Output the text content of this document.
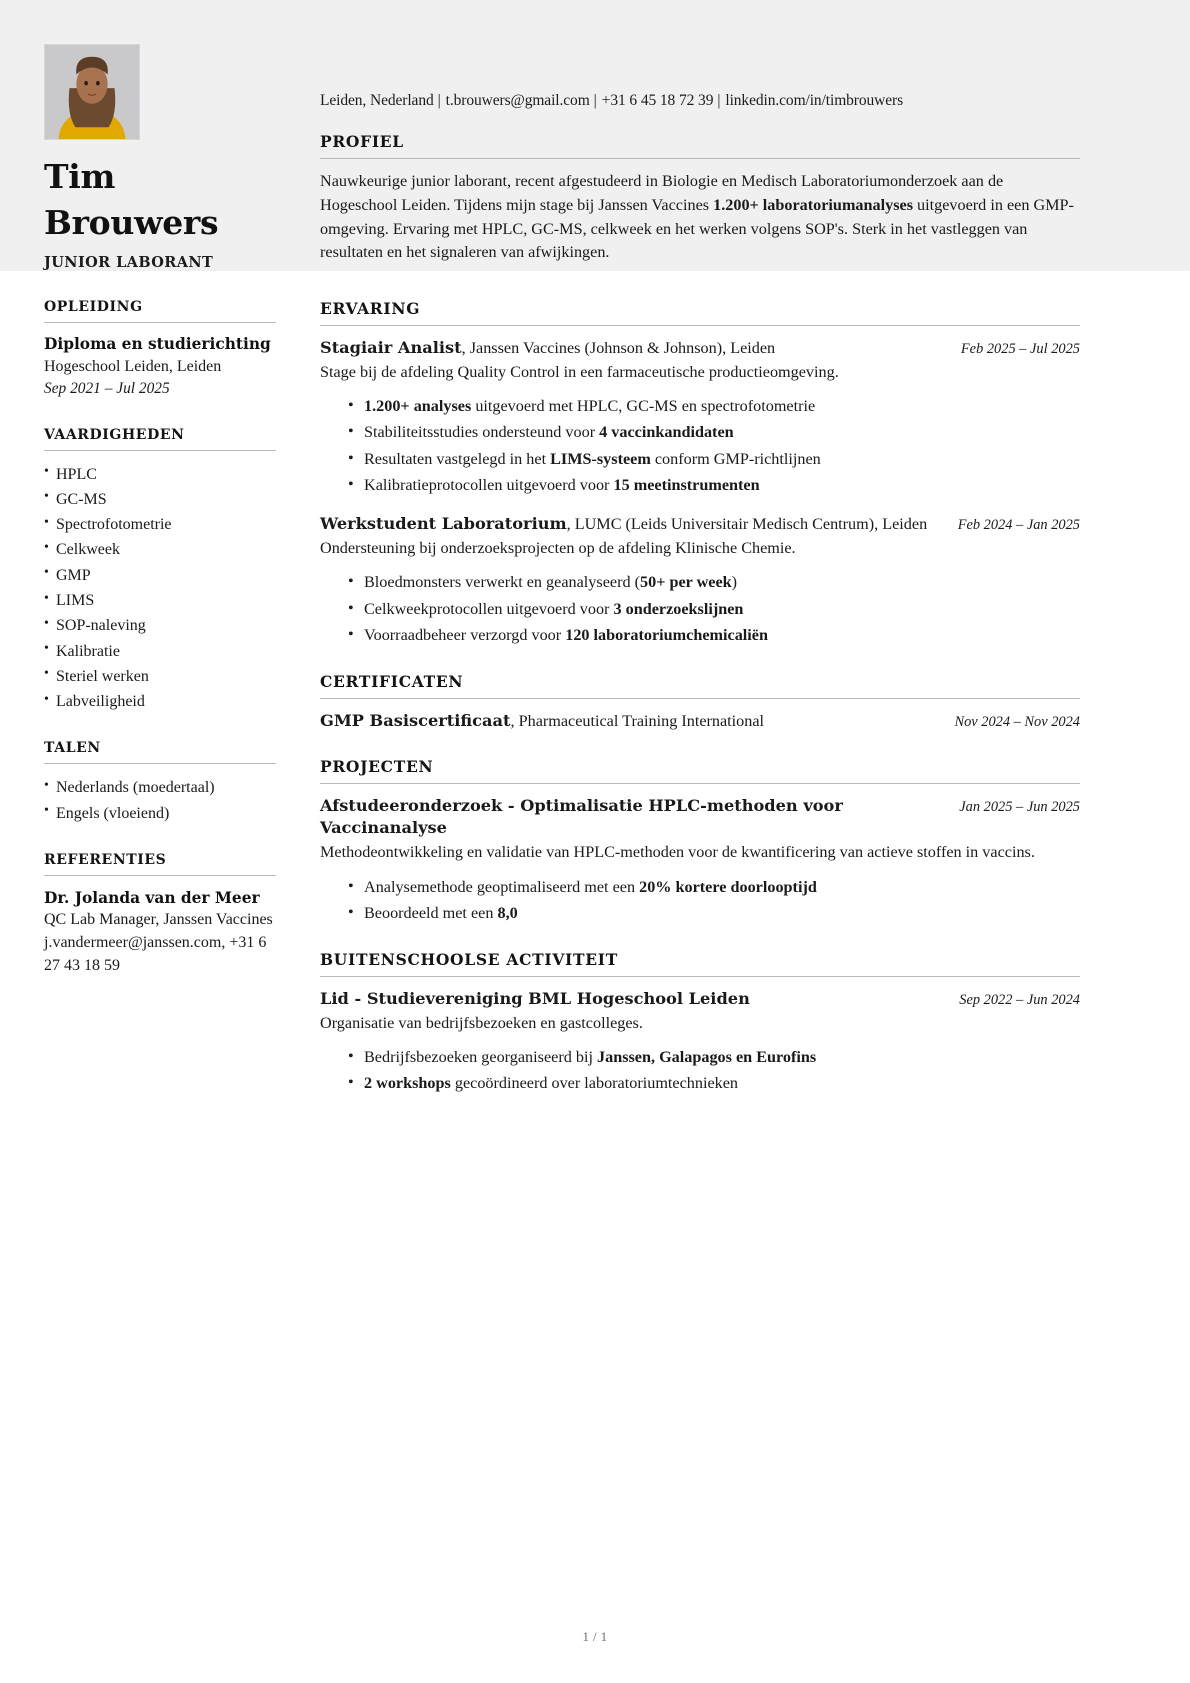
Tim
Brouwers
JUNIOR LABORANT
Leiden, Nederland | t.brouwers@gmail.com | +31 6 45 18 72 39 | linkedin.com/in/timbrouwers
PROFIEL
Nauwkeurige junior laborant, recent afgestudeerd in Biologie en Medisch Laboratoriumonderzoek aan de Hogeschool Leiden. Tijdens mijn stage bij Janssen Vaccines 1.200+ laboratoriumanalyses uitgevoerd in een GMP-omgeving. Ervaring met HPLC, GC-MS, celkweek en het werken volgens SOP's. Sterk in het vastleggen van resultaten en het signaleren van afwijkingen.
OPLEIDING
Diploma en studierichting
Hogeschool Leiden, Leiden
Sep 2021 – Jul 2025
VAARDIGHEDEN
• HPLC
• GC-MS
• Spectrofotometrie
• Celkweek
• GMP
• LIMS
• SOP-naleving
• Kalibratie
• Steriel werken
• Labveiligheid
TALEN
• Nederlands (moedertaal)
• Engels (vloeiend)
REFERENTIES
Dr. Jolanda van der Meer
QC Lab Manager, Janssen Vaccines
j.vandermeer@janssen.com, +31 6 27 43 18 59
ERVARING
Stagiair Analist, Janssen Vaccines (Johnson & Johnson), Leiden	Feb 2025 – Jul 2025
Stage bij de afdeling Quality Control in een farmaceutische productieomgeving.
• 1.200+ analyses uitgevoerd met HPLC, GC-MS en spectrofotometrie
• Stabiliteitsstudies ondersteund voor 4 vaccinkandidaten
• Resultaten vastgelegd in het LIMS-systeem conform GMP-richtlijnen
• Kalibratieprotocollen uitgevoerd voor 15 meetinstrumenten
Werkstudent Laboratorium, LUMC (Leids Universitair Medisch Centrum), Leiden	Feb 2024 – Jan 2025
Ondersteuning bij onderzoeksprojecten op de afdeling Klinische Chemie.
• Bloedmonsters verwerkt en geanalyseerd (50+ per week)
• Celkweekprotocollen uitgevoerd voor 3 onderzoekslijnen
• Voorraadbeheer verzorgd voor 120 laboratoriumchemicaliën
CERTIFICATEN
GMP Basiscertificaat, Pharmaceutical Training International	Nov 2024 – Nov 2024
PROJECTEN
Afstudeeronderzoek - Optimalisatie HPLC-methoden voor Vaccinanalyse
Jan 2025 – Jun 2025
Methodeontwikkeling en validatie van HPLC-methoden voor de kwantificering van actieve stoffen in vaccins.
• Analysemethode geoptimaliseerd met een 20% kortere doorlooptijd
• Beoordeeld met een 8,0
BUITENSCHOOLSE ACTIVITEIT
Lid - Studievereniging BML Hogeschool Leiden	Sep 2022 – Jun 2024
Organisatie van bedrijfsbezoeken en gastcolleges.
• Bedrijfsbezoeken georganiseerd bij Janssen, Galapagos en Eurofins
• 2 workshops gecoördineerd over laboratoriumtechnieken
1 / 1
